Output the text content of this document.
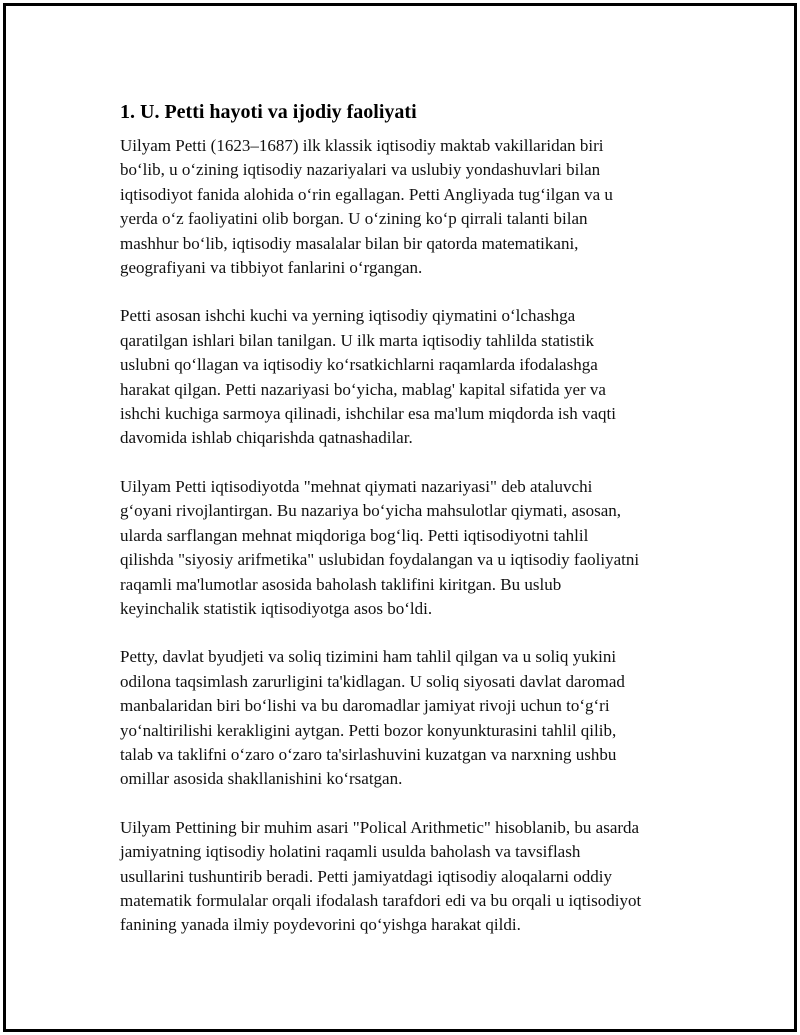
1. U. Petti hayoti va ijodiy faoliyati

Uilyam Petti (1623–1687) ilk klassik iqtisodiy maktab vakillaridan biri
bo‘lib, u o‘zining iqtisodiy nazariyalari va uslubiy yondashuvlari bilan
iqtisodiyot fanida alohida o‘rin egallagan. Petti Angliyada tug‘ilgan va u
yerda o‘z faoliyatini olib borgan. U o‘zining ko‘p qirrali talanti bilan
mashhur bo‘lib, iqtisodiy masalalar bilan bir qatorda matematikani,
geografiyani va tibbiyot fanlarini o‘rgangan.

Petti asosan ishchi kuchi va yerning iqtisodiy qiymatini o‘lchashga
qaratilgan ishlari bilan tanilgan. U ilk marta iqtisodiy tahlilda statistik
uslubni qo‘llagan va iqtisodiy ko‘rsatkichlarni raqamlarda ifodalashga
harakat qilgan. Petti nazariyasi bo‘yicha, mablag' kapital sifatida yer va
ishchi kuchiga sarmoya qilinadi, ishchilar esa ma'lum miqdorda ish vaqti
davomida ishlab chiqarishda qatnashadilar.

Uilyam Petti iqtisodiyotda "mehnat qiymati nazariyasi" deb ataluvchi
g‘oyani rivojlantirgan. Bu nazariya bo‘yicha mahsulotlar qiymati, asosan,
ularda sarflangan mehnat miqdoriga bog‘liq. Petti iqtisodiyotni tahlil
qilishda "siyosiy arifmetika" uslubidan foydalangan va u iqtisodiy faoliyatni
raqamli ma'lumotlar asosida baholash taklifini kiritgan. Bu uslub
keyinchalik statistik iqtisodiyotga asos bo‘ldi.

Petty, davlat byudjeti va soliq tizimini ham tahlil qilgan va u soliq yukini
odilona taqsimlash zarurligini ta'kidlagan. U soliq siyosati davlat daromad
manbalaridan biri bo‘lishi va bu daromadlar jamiyat rivoji uchun to‘g‘ri
yo‘naltirilishi kerakligini aytgan. Petti bozor konyunkturasini tahlil qilib,
talab va taklifni o‘zaro o‘zaro ta'sirlashuvini kuzatgan va narxning ushbu
omillar asosida shakllanishini ko‘rsatgan.

Uilyam Pettining bir muhim asari "Polical Arithmetic" hisoblanib, bu asarda
jamiyatning iqtisodiy holatini raqamli usulda baholash va tavsiflash
usullarini tushuntirib beradi. Petti jamiyatdagi iqtisodiy aloqalarni oddiy
matematik formulalar orqali ifodalash tarafdori edi va bu orqali u iqtisodiyot
fanining yanada ilmiy poydevorini qo‘yishga harakat qildi.
